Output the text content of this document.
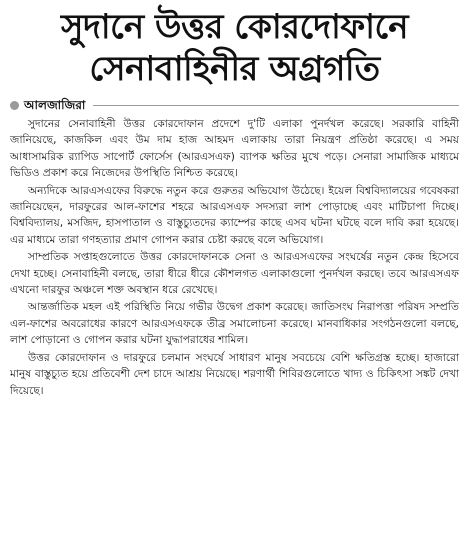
সুদানে উত্তর কোরদোফানে
সেনাবাহিনীর অগ্রগতি
আলজাজিরা

সুদানের সেনাবাহিনী উত্তর কোরদোফান প্রদেশে দু'টি এলাকা পুনর্দখল করেছে। সরকারি বাহিনী জানিয়েছে, কাজকিল এবং উম দাম হাজ আহমদ এলাকায় তারা নিয়ন্ত্রণ প্রতিষ্ঠা করেছে। এ সময় আধাসামরিক র‍্যাপিড সাপোর্ট ফোর্সেস (আরএসএফ) ব্যাপক ক্ষতির মুখে পড়ে। সেনারা সামাজিক মাধ্যমে ভিডিও প্রকাশ করে নিজেদের উপস্থিতি নিশ্চিত করেছে।

অন্যদিকে আরএসএফের বিরুদ্ধে নতুন করে গুরুতর অভিযোগ উঠেছে। ইয়েল বিশ্ববিদ্যালয়ের গবেষকরা জানিয়েছেন, দারফুরের আল-ফাশের শহরে আরএসএফ সদস্যরা লাশ পোড়াচ্ছে এবং মাটিচাপা দিচ্ছে। বিশ্ববিদ্যালয়, মসজিদ, হাসপাতাল ও বাস্তুচ্যুতদের ক্যাম্পের কাছে এসব ঘটনা ঘটছে বলে দাবি করা হয়েছে। এর মাধ্যমে তারা গণহত্যার প্রমাণ গোপন করার চেষ্টা করছে বলে অভিযোগ।

সাম্প্রতিক সপ্তাহগুলোতে উত্তর কোরদোফানকে সেনা ও আরএসএফের সংঘর্ষের নতুন কেন্দ্র হিসেবে দেখা হচ্ছে। সেনাবাহিনী বলছে, তারা ধীরে ধীরে কৌশলগত এলাকাগুলো পুনর্দখল করছে। তবে আরএসএফ এখনো দারফুর অঞ্চলে শক্ত অবস্থান ধরে রেখেছে।

আন্তর্জাতিক মহল এই পরিস্থিতি নিয়ে গভীর উদ্বেগ প্রকাশ করেছে। জাতিসংঘ নিরাপত্তা পরিষদ সম্প্রতি এল-ফাশের অবরোধের কারণে আরএসএফকে তীব্র সমালোচনা করেছে। মানবাধিকার সংগঠনগুলো বলছে, লাশ পোড়ানো ও গোপন করার ঘটনা যুদ্ধাপরাধের শামিল।

উত্তর কোরদোফান ও দারফুরে চলমান সংঘর্ষে সাধারণ মানুষ সবচেয়ে বেশি ক্ষতিগ্রস্ত হচ্ছে। হাজারো মানুষ বাস্তুচ্যুত হয়ে প্রতিবেশী দেশ চাদে আশ্রয় নিয়েছে। শরণার্থী শিবিরগুলোতে খাদ্য ও চিকিৎসা সঙ্কট দেখা দিয়েছে।
